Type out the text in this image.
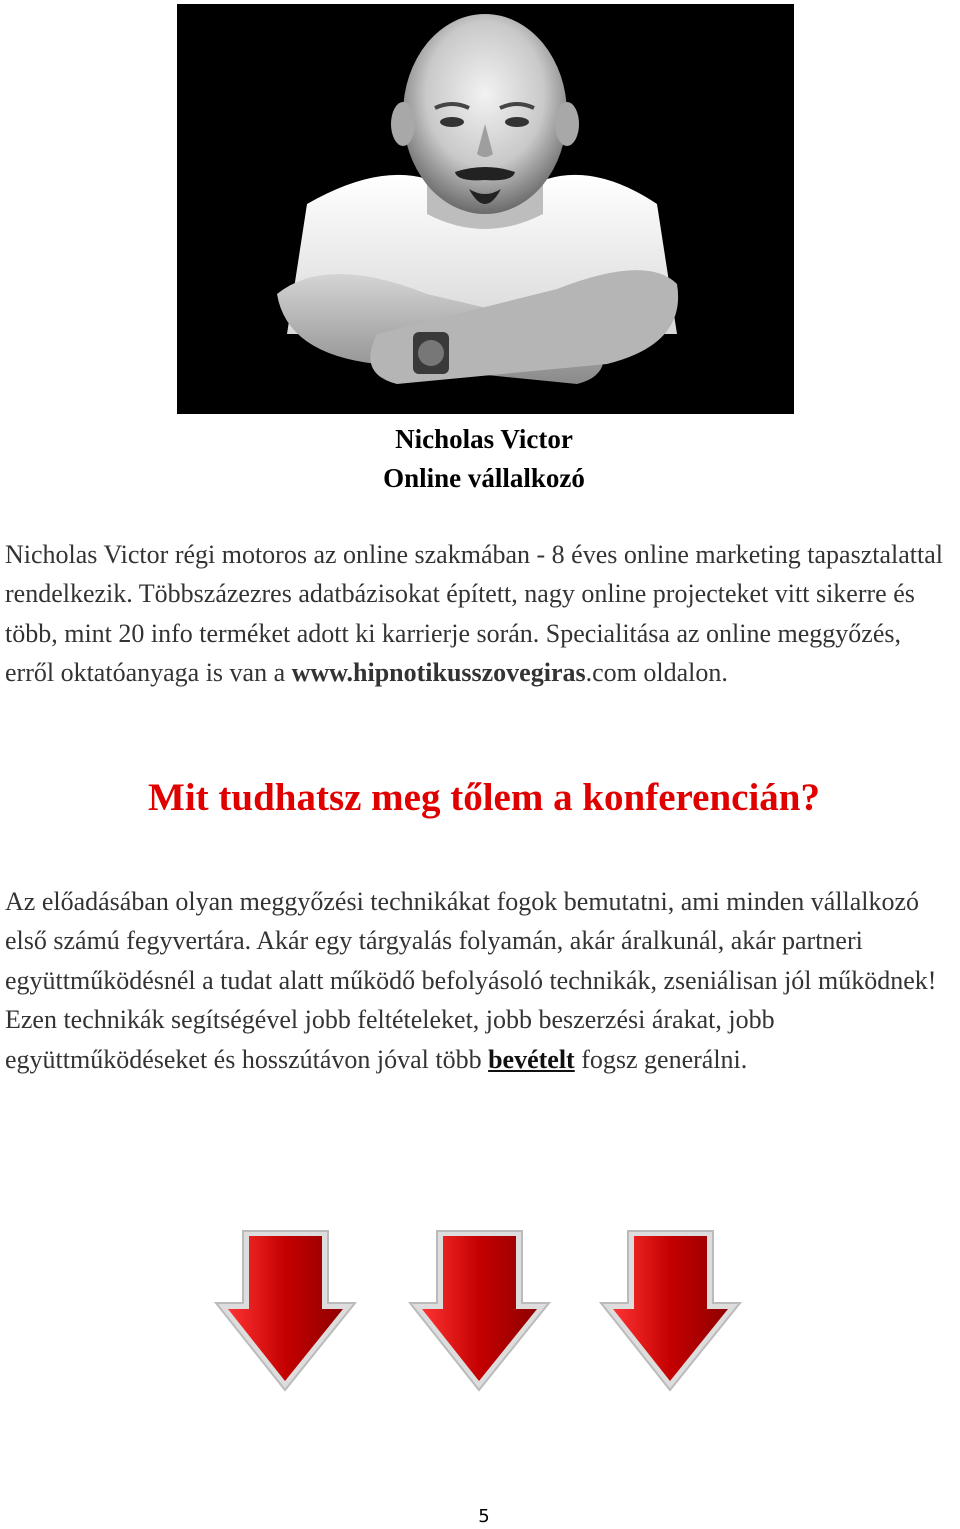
Nicholas Victor
Online vállalkozó

Nicholas Victor régi motoros az online szakmában - 8 éves online marketing tapasztalattal rendelkezik. Többszázezres adatbázisokat épített, nagy online projecteket vitt sikerre és több, mint 20 info terméket adott ki karrierje során. Specialitása az online meggyőzés, erről oktatóanyaga is van a www.hipnotikusszovegiras.com oldalon.

Mit tudhatsz meg tőlem a konferencián?

Az előadásában olyan meggyőzési technikákat fogok bemutatni, ami minden vállalkozó első számú fegyvertára. Akár egy tárgyalás folyamán, akár áralkunál, akár partneri együttműködésnél a tudat alatt működő befolyásoló technikák, zseniálisan jól működnek! Ezen technikák segítségével jobb feltételeket, jobb beszerzési árakat, jobb együttműködéseket és hosszútávon jóval több bevételt fogsz generálni.

5
